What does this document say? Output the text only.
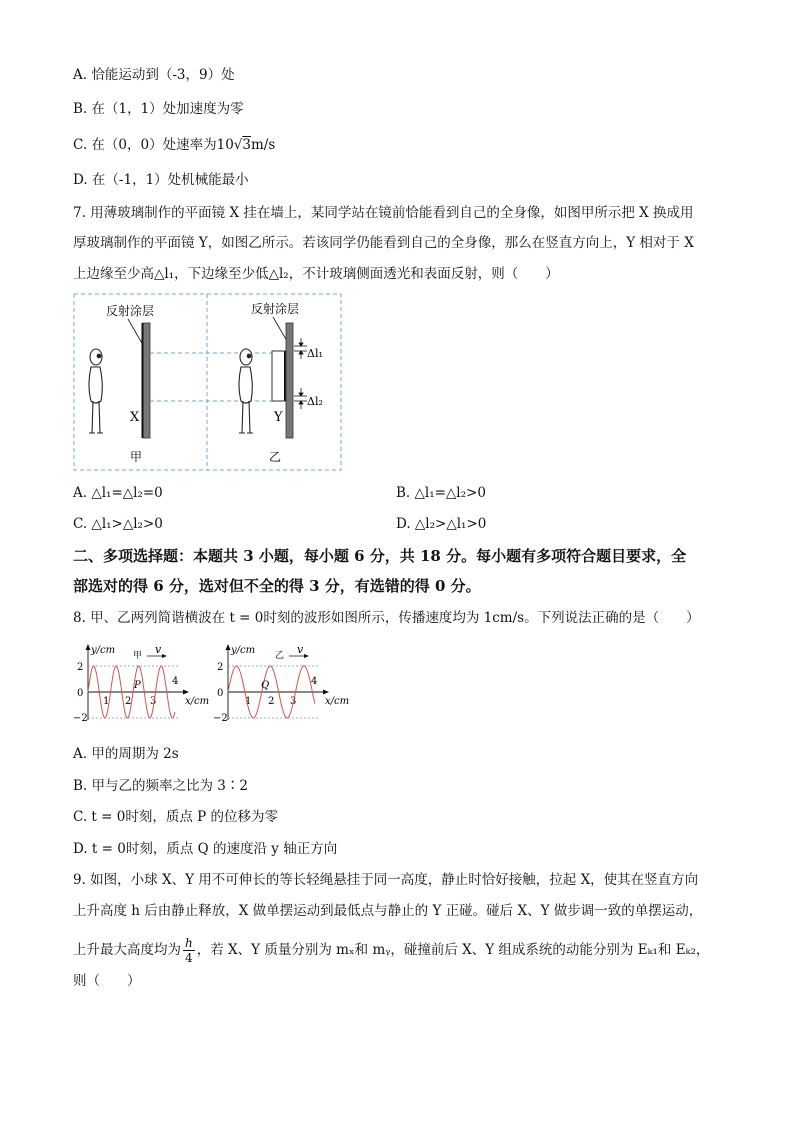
A. 恰能运动到（-3，9）处
B. 在（1，1）处加速度为零
C. 在（0，0）处速率为10√3m/s
D. 在（-1，1）处机械能最小
7. 用薄玻璃制作的平面镜 X 挂在墙上，某同学站在镜前恰能看到自己的全身像，如图甲所示把 X 换成用
厚玻璃制作的平面镜 Y，如图乙所示。若该同学仍能看到自己的全身像，那么在竖直方向上，Y 相对于 X
上边缘至少高△l₁，下边缘至少低△l₂，不计玻璃侧面透光和表面反射，则（　　）
反射涂层
X
甲
反射涂层
Y
乙
Δl₁
Δl₂
A. △l₁=△l₂=0	B. △l₁=△l₂>0
C. △l₁>△l₂>0	D. △l₂>△l₁>0
二、多项选择题：本题共 3 小题，每小题 6 分，共 18 分。每小题有多项符合题目要求，全
部选对的得 6 分，选对但不全的得 3 分，有选错的得 0 分。
8. 甲、乙两列简谐横波在 t = 0时刻的波形如图所示，传播速度均为 1cm/s。下列说法正确的是（　　）
y/cm 甲 v
2
0
−2
1 2 3
4
P
y/cm 乙 v
2
0
−2
1 2 3
4
Q
x/cm	x/cm
A. 甲的周期为 2s
B. 甲与乙的频率之比为 3∶2
C. t = 0时刻，质点 P 的位移为零
D. t = 0时刻，质点 Q 的速度沿 y 轴正方向
9. 如图，小球 X、Y 用不可伸长的等长轻绳悬挂于同一高度，静止时恰好接触，拉起 X，使其在竖直方向
上升高度 h 后由静止释放，X 做单摆运动到最低点与静止的 Y 正碰。碰后 X、Y 做步调一致的单摆运动，
上升最大高度均为 $\frac{h}{4}$ ，若 X、Y 质量分别为 mₓ和 mᵧ，碰撞前后 X、Y 组成系统的动能分别为 Eₖ₁和 Eₖ₂，
则（　　）
